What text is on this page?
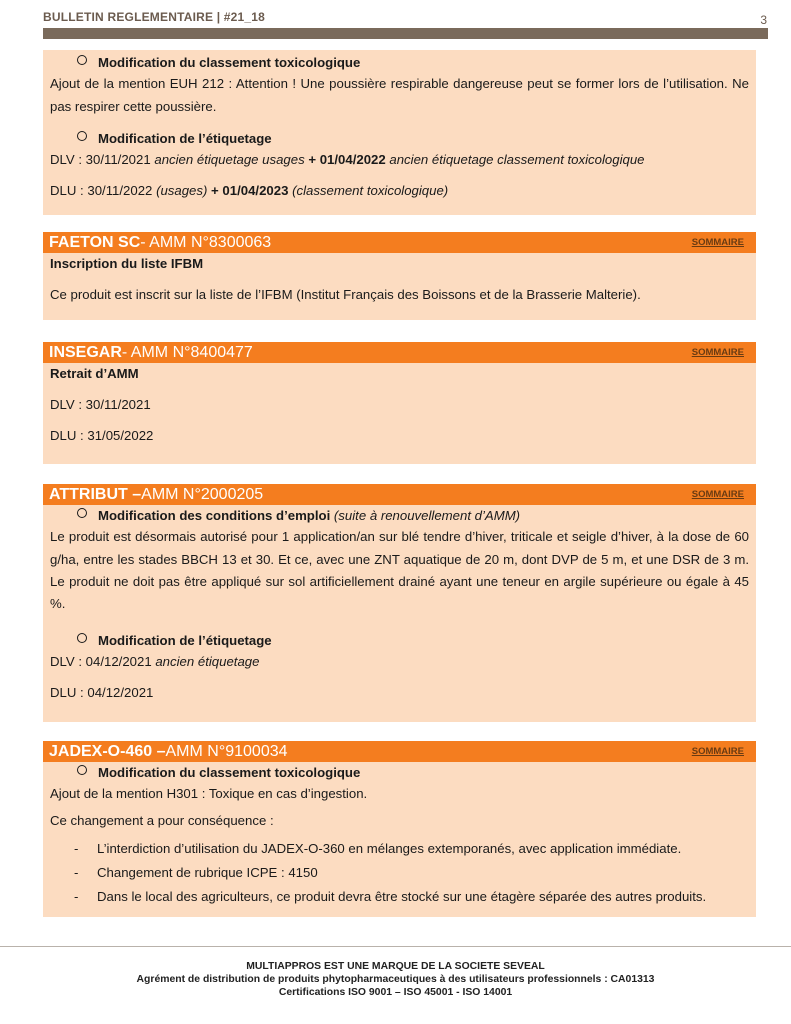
BULLETIN REGLEMENTAIRE | #21_18	3
Modification du classement toxicologique

Ajout de la mention EUH 212 : Attention ! Une poussière respirable dangereuse peut se former lors de l’utilisation. Ne pas respirer cette poussière.

Modification de l’étiquetage

DLV : 30/11/2021 ancien étiquetage usages + 01/04/2022 ancien étiquetage classement toxicologique

DLU : 30/11/2022 (usages) + 01/04/2023 (classement toxicologique)

FAETON SC - AMM N°8300063	SOMMAIRE

Inscription du liste IFBM

Ce produit est inscrit sur la liste de l’IFBM (Institut Français des Boissons et de la Brasserie Malterie).

INSEGAR - AMM N°8400477	SOMMAIRE

Retrait d’AMM

DLV : 30/11/2021

DLU : 31/05/2022

ATTRIBUT – AMM N°2000205	SOMMAIRE
Modification des conditions d’emploi (suite à renouvellement d’AMM)

Le produit est désormais autorisé pour 1 application/an sur blé tendre d’hiver, triticale et seigle d’hiver, à la dose de 60 g/ha, entre les stades BBCH 13 et 30. Et ce, avec une ZNT aquatique de 20 m, dont DVP de 5 m, et une DSR de 3 m. Le produit ne doit pas être appliqué sur sol artificiellement drainé ayant une teneur en argile supérieure ou égale à 45 %.

Modification de l’étiquetage

DLV : 04/12/2021 ancien étiquetage

DLU : 04/12/2021

JADEX-O-460 – AMM N°9100034	SOMMAIRE
Modification du classement toxicologique

Ajout de la mention H301 : Toxique en cas d’ingestion.

Ce changement a pour conséquence :

- L’interdiction d’utilisation du JADEX-O-360 en mélanges extemporanés, avec application immédiate.
- Changement de rubrique ICPE : 4150
- Dans le local des agriculteurs, ce produit devra être stocké sur une étagère séparée des autres produits.
MULTIAPPROS EST UNE MARQUE DE LA SOCIETE SEVEAL
Agrément de distribution de produits phytopharmaceutiques à des utilisateurs professionnels : CA01313
Certifications ISO 9001 – ISO 45001 - ISO 14001
